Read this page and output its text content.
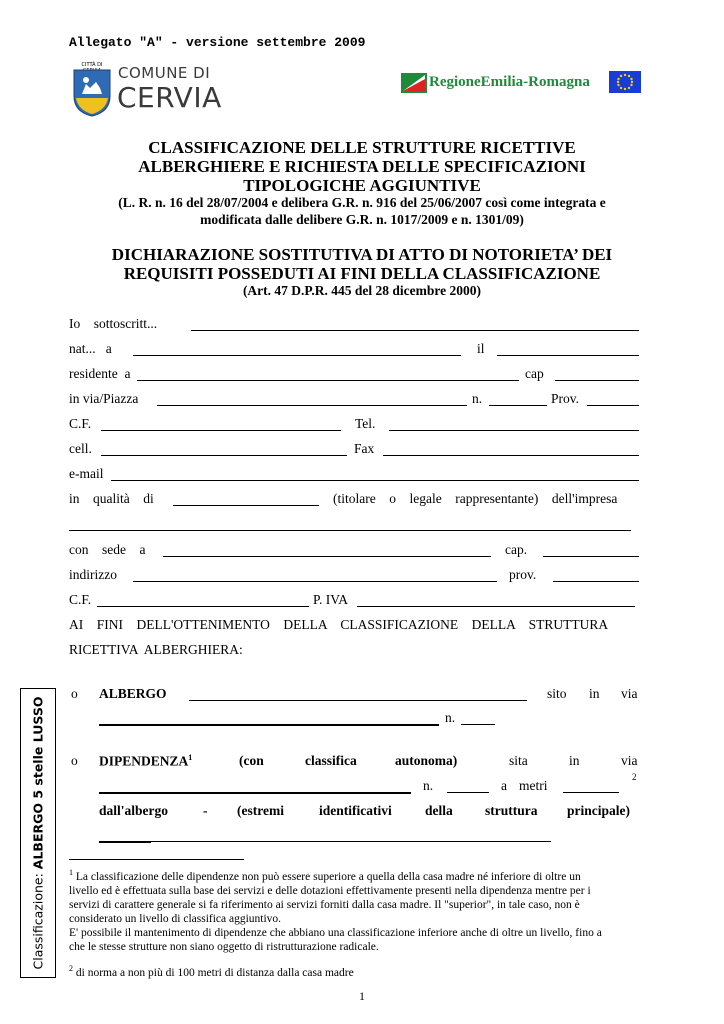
Allegato "A" - versione settembre 2009
CITTÀ DI	COMUNE DI
CERVIA	RegioneEmilia-Romagna
CLASSIFICAZIONE DELLE STRUTTURE RICETTIVE
ALBERGHIERE E RICHIESTA DELLE SPECIFICAZIONI
TIPOLOGICHE AGGIUNTIVE
(L. R. n. 16 del 28/07/2004 e delibera G.R. n. 916 del 25/06/2007 così come integrata e
modificata dalle delibere G.R. n. 1017/2009 e n. 1301/09)
DICHIARAZIONE SOSTITUTIVA DI ATTO DI NOTORIETA’ DEI
REQUISITI POSSEDUTI AI FINI DELLA CLASSIFICAZIONE
(Art. 47 D.P.R. 445 del 28 dicembre 2000)
Io    sottoscritt...
nat...   a	il
residente  a	cap
in via/Piazza	n.	Prov.
C.F.	Tel.
cell.	Fax
e-mail
in    qualità    di	(titolare    o    legale    rappresentante)    dell'impresa
con    sede    a	cap.
indirizzo	prov.
C.F.	P. IVA
AI    FINI    DELL'OTTENIMENTO    DELLA    CLASSIFICAZIONE    DELLA    STRUTTURA
RICETTIVA  ALBERGHIERA:
o ALBERGO	sito in via
n.
o DIPENDENZA$^1$	(con	classifica	autonoma)	sita	in	via
n.	a metri
2
dall'albergo	- (estremi	identificativi della struttura principale)
$^1$ La classificazione delle dipendenze non può essere superiore a quella della casa madre né inferiore di oltre un
livello ed è effettuata sulla base dei servizi e delle dotazioni effettivamente presenti nella dipendenza mentre per i
servizi di carattere generale si fa riferimento ai servizi forniti dalla casa madre. Il "superior", in tale caso, non è
considerato un livello di classifica aggiuntivo.
E' possibile il mantenimento di dipendenze che abbiano una classificazione inferiore anche di oltre un livello, fino a
che le stesse strutture non siano oggetto di ristrutturazione radicale.
$^2$ di norma a non più di 100 metri di distanza dalla casa madre
Classificazione: ALBERGO 5 stelle LUSSO
1
